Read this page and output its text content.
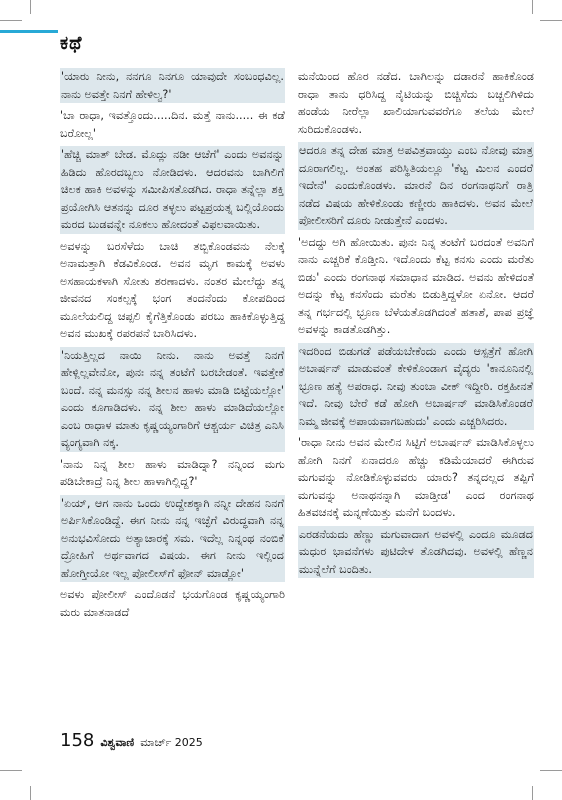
ಕಥೆ

'ಯಾರು ನೀನು, ನನಗೂ ನಿನಗೂ ಯಾವುದೇ ಸಂಬಂಧವಿಲ್ಲ. ನಾನು ಅವತ್ತೇ ನಿನಗೆ ಹೇಳಿಲ್ವ?'

'ಬಾ ರಾಧಾ, ಇವತ್ತೊಂದು.....ದಿನ. ಮತ್ತೆ ನಾನು..... ಈ ಕಡೆ ಬರೋಲ್ಲ'

'ಹೆಚ್ಚಿ ಮಾತ್ ಬೇಡ. ಮೊದ್ಲು ನಡೀ ಆಚೆಗೆ' ಎಂದು ಅವನನ್ನು ಹಿಡಿದು ಹೊರದಬ್ಬಲು ನೋಡಿದಳು. ಆದರವನು ಬಾಗಿಲಿಗೆ ಚಿಲಕ ಹಾಕಿ ಅವಳನ್ನು ಸಮೀಪಿಸತೊಡಗಿದ. ರಾಧಾ ತನ್ನೆಲ್ಲಾ ಶಕ್ತಿ ಪ್ರಯೋಗಿಸಿ ಆತನನ್ನು ದೂರ ತಳ್ಳಲು ಪಟ್ಟಪ್ರಯತ್ನ ಬಲ್ಲಿಯೊಂದು ಮರದ ಬುಡವನ್ನೇ ನೂಕಲು ಹೋದಂತೆ ವಿಫಲವಾಯಿತು.

ಅವಳನ್ನು ಬರಸೆಳೆದು ಬಾಚಿ ತಬ್ಬಿಕೊಂಡವನು ನೆಲಕ್ಕೆ ಅನಾಮತ್ತಾಗಿ ಕೆಡವಿಕೊಂಡ. ಅವನ ಮೃಗ ಕಾಮಕ್ಕೆ ಅವಳು ಅಸಹಾಯಕಳಾಗಿ ಸೋತು ಶರಣಾದಳು. ನಂತರ ಮೇಲೆದ್ದು ತನ್ನ ಜೀವನದ ಸಂಕಲ್ಪಕ್ಕೆ ಭಂಗ ತಂದನೆಂದು ಕೋಪದಿಂದ ಮೂಲೆಯಲಿದ್ದ ಚಪ್ಪಲಿ ಕೈಗೆತ್ತಿಕೊಂಡು ಪರಬು ಹಾಕಿಕೊಳ್ಳುತ್ತಿದ್ದ ಅವನ ಮುಖಕ್ಕೆ ರಪರಪನೆ ಬಾರಿಸಿದಳು.

'ನಿಯತ್ತಿಲ್ಲದ ನಾಯಿ ನೀನು. ನಾನು ಅವತ್ತೆ ನಿನಗೆ ಹೇಳ್ಲಿಲ್ಲವೇನೋ, ಪುನಃ ನನ್ನ ತಂಟೆಗೆ ಬರಬೇಡಂತೆ. ಇವತ್ತೇಕೆ ಬಂದೆ. ನನ್ನ ಮನಸ್ಸು ನನ್ನ ಶೀಲನ ಹಾಳು ಮಾಡಿ ಬಿಟ್ಟೆಯಲ್ಲೋ' ಎಂದು ಕೂಗಾಡಿದಳು. ನನ್ನ ಶೀಲ ಹಾಳು ಮಾಡಿದೆಯಲ್ಲೋ ಎಂಬ ರಾಧಾಳ ಮಾತು ಕೃಷ್ಣಯ್ಯಂಗಾರಿಗೆ ಆಶ್ಚರ್ಯ ವಿಚಿತ್ರ ಎನಿಸಿ ವ್ಯಂಗ್ಯವಾಗಿ ನಕ್ಕ.

'ನಾನು ನಿನ್ನ ಶೀಲ ಹಾಳು ಮಾಡಿದ್ನಾ? ನನ್ನಿಂದ ಮಗು ಪಡಿಬೇಕಾದ್ರೆ ನಿನ್ನ ಶೀಲ ಹಾಳಾಗಿಲ್ಲಿದ್ದ?'

'ಏಯ್, ಆಗ ನಾನು ಒಂದು ಉದ್ದೇಶಕ್ಕಾಗಿ ನನ್ನೀ ದೇಹನ ನಿನಗೆ ಅರ್ಪಿಸಿಕೊಂಡಿದ್ದೆ. ಈಗ ನೀನು ನನ್ನ ಇಚ್ಛೆಗೆ ವಿರುದ್ಧವಾಗಿ ನನ್ನ ಅನುಭವಿಸೋದು ಅತ್ಯಾಚಾರಕ್ಕೆ ಸಮ. ಇದೆಲ್ಲ ನಿನ್ನಂಥ ನಂಬಿಕೆ ದ್ರೋಹಿಗೆ ಅರ್ಥವಾಗದ ವಿಷಯ. ಈಗ ನೀನು ಇಲ್ಲಿಂದ ಹೋಗ್ತೀಯೋ ಇಲ್ಲ ಪೋಲೀಸ್‌ಗೆ ಫೋನ್ ಮಾಡ್ಲೋ'

ಅವಳು ಪೋಲೀಸ್ ಎಂದೊಡನೆ ಭಯಗೊಂಡ ಕೃಷ್ಣಯ್ಯಂಗಾರಿ ಮರು ಮಾತನಾಡದೆ

ಮನೆಯಿಂದ ಹೊರ ನಡೆದ. ಬಾಗಿಲನ್ನು ದಡಾರನೆ ಹಾಕಿಕೊಂಡ ರಾಧಾ ತಾನು ಧರಿಸಿದ್ದ ನೈಟಿಯನ್ನು ಬಿಚ್ಚಿಸೆದು ಬಚ್ಚಲಿಗಿಳಿದು ಹಂಡೆಯ ನೀರೆಲ್ಲಾ ಖಾಲಿಯಾಗುವವರೆಗೂ ತಲೆಯ ಮೇಲೆ ಸುರಿದುಕೊಂಡಳು.

ಆದರೂ ತನ್ನ ದೇಹ ಮಾತ್ರ ಅಪವಿತ್ರವಾಯ್ತು ಎಂಬ ನೋವು ಮಾತ್ರ ದೂರಾಗಲಿಲ್ಲ. ಅಂತಹ ಪರಿಸ್ಥಿತಿಯಲ್ಲೂ 'ಕೆಟ್ಟ ಮಿಲನ ಎಂದರೆ ಇದೇನೆ' ಎಂದುಕೊಂಡಳು. ಮಾರನೆ ದಿನ ರಂಗನಾಥನಿಗೆ ರಾತ್ರಿ ನಡೆದ ವಿಷಯ ಹೇಳಿಕೊಂಡು ಕಣ್ಣೀರು ಹಾಕಿದಳು. ಅವನ ಮೇಲೆ ಪೋಲೀಸರಿಗೆ ದೂರು ನೀಡುತ್ತೇನೆ ಎಂದಳು.

'ಅದದ್ದು ಅಗಿ ಹೋಯಿತು. ಪುನಃ ನಿನ್ನ ತಂಟೆಗೆ ಬರದಂತೆ ಅವನಿಗೆ ನಾನು ಎಚ್ಚರಿಕೆ ಕೊಡ್ತೀನಿ. ಇದೊಂದು ಕೆಟ್ಟ ಕನಸು ಎಂದು ಮರೆತು ಬಿಡು' ಎಂದು ರಂಗನಾಥ ಸಮಾಧಾನ ಮಾಡಿದ. ಅವನು ಹೇಳಿದಂತೆ ಅದನ್ನು ಕೆಟ್ಟ ಕನಸೆಂದು ಮರೆತು ಬಿಡುತ್ತಿದ್ದಳೋ ಏನೋ. ಆದರೆ ತನ್ನ ಗರ್ಭದಲ್ಲಿ ಭ್ರೂಣ ಬೆಳೆಯತೊಡಗಿದಂತೆ ಹತಾಶೆ, ಪಾಪ ಪ್ರಜ್ಞೆ ಅವಳನ್ನು ಕಾಡತೊಡಗಿತ್ತು.

ಇದರಿಂದ ಬಿಡುಗಡೆ ಪಡೆಯಬೇಕೆಂದು ಎಂದು ಆಸ್ಪತ್ರೆಗೆ ಹೋಗಿ ಅಬಾರ್ಷನ್ ಮಾಡುವಂತೆ ಕೇಳಿಕೊಂಡಾಗ ವೈದ್ಯರು 'ಕಾನೂನಿನಲ್ಲಿ ಭ್ರೂಣ ಹತ್ಯೆ ಅಪರಾಧ. ನೀವು ತುಂಬಾ ವೀಕ್ ಇದ್ದೀರಿ. ರಕ್ತಹೀನತೆ ಇದೆ. ನೀವು ಬೇರೆ ಕಡೆ ಹೋಗಿ ಅಬಾರ್ಷನ್ ಮಾಡಿಸಿಕೊಂಡರೆ ನಿಮ್ಮ ಜೀವಕ್ಕೆ ಅಪಾಯವಾಗಬಹುದು' ಎಂದು ಎಚ್ಚರಿಸಿದರು.

'ರಾಧಾ ನೀನು ಅವನ ಮೇಲಿನ ಸಿಟ್ಟಿಗೆ ಅಬಾರ್ಷನ್ ಮಾಡಿಸಿಕೊಳ್ಳಲು ಹೋಗಿ ನಿನಗೆ ಏನಾದರೂ ಹೆಚ್ಚು ಕಡಿಮೆಯಾದರೆ ಈಗಿರುವ ಮಗುವನ್ನು ನೋಡಿಕೊಳ್ಳುವವರು ಯಾರು? ತನ್ನದಲ್ಲದ ತಪ್ಪಿಗೆ ಮಗುವನ್ನು ಅನಾಥನನ್ನಾಗಿ ಮಾಡ್ತೀಡ' ಎಂದ ರಂಗನಾಥ ಹಿತವಚನಕ್ಕೆ ಮನ್ನಣೆಯಿತ್ತು ಮನೆಗೆ ಬಂದಳು.

ಎರಡನೆಯದು ಹೆಣ್ಣು ಮಗುವಾದಾಗ ಅವಳಲ್ಲಿ ಎಂದೂ ಮೂಡದ ಮಧುರ ಭಾವನೆಗಳು ಪುಟಿದೇಳ ತೊಡಗಿದವು. ಅವಳಲ್ಲಿ ಹೆಣ್ಣನ ಮುನ್ನೆಲೆಗೆ ಬಂದಿತು.

158 ವಿಶ್ವವಾಣಿ ಮಾರ್ಚ್ 2025
